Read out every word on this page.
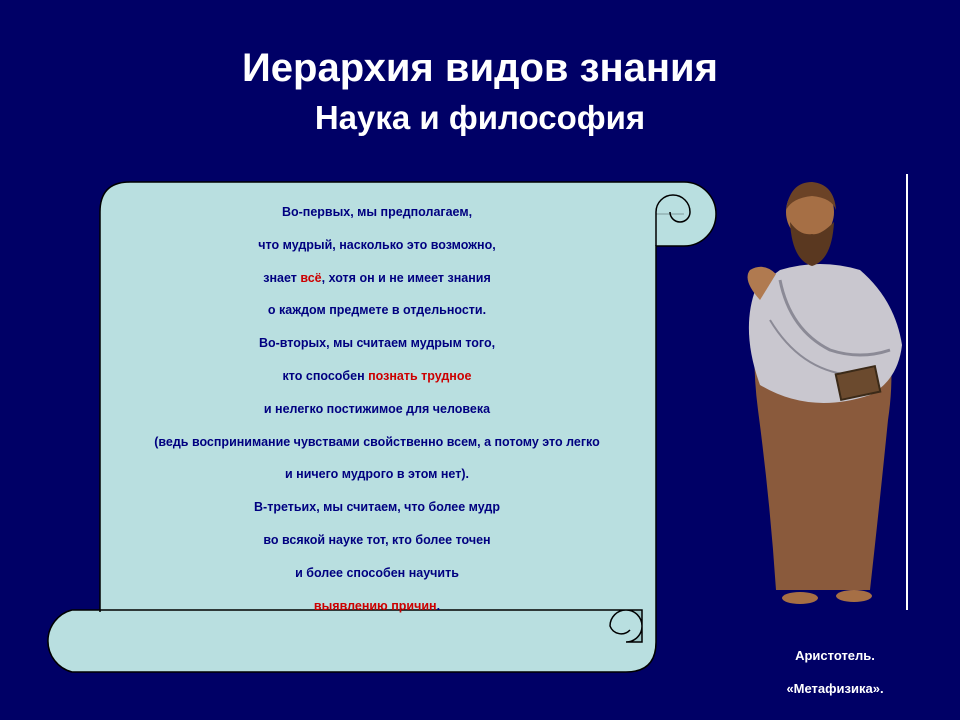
Иерархия видов знания
Наука и философия

Во-первых, мы предполагаем,

что мудрый, насколько это возможно,

знает всё, хотя он и не имеет знания

о каждом предмете в отдельности.

Во-вторых, мы считаем мудрым того,

кто способен познать трудное

и нелегко постижимое для человека

(ведь воспринимание чувствами свойственно всем, а потому это легко

и ничего мудрого в этом нет).

В-третьих, мы считаем, что более мудр

во всякой науке тот, кто более точен

и более способен научить

выявлению причин.

Аристотель.
«Метафизика».
